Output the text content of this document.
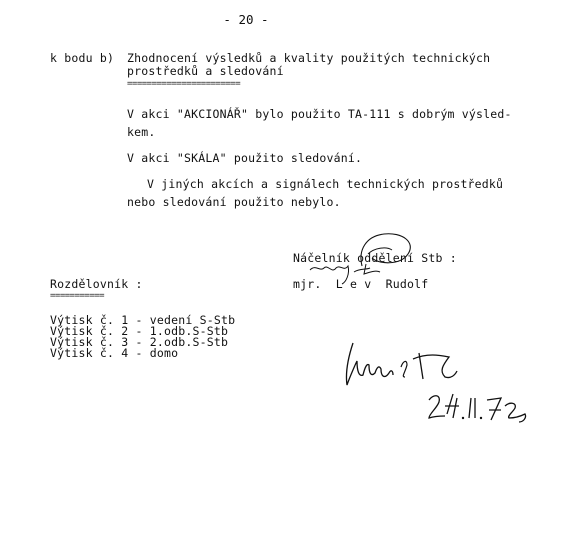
- 20 -
k bodu b) Zhodnocení výsledků a kvality použitých technických
prostředků a sledování
=======================
V akci "AKCIONÁŘ" bylo použito TA-111 s dobrým výsled-
kem.
V akci "SKÁLA" použito sledování.
V jiných akcích a signálech technických prostředků
nebo sledování použito nebylo.
Náčelník oddělení Stb :
mjr.  L e v  Rudolf
Rozdělovník :
===========
Výtisk č. 1 - vedení S-Stb
Výtisk č. 2 - 1.odb.S-Stb
Výtisk č. 3 - 2.odb.S-Stb
Výtisk č. 4 - domo
